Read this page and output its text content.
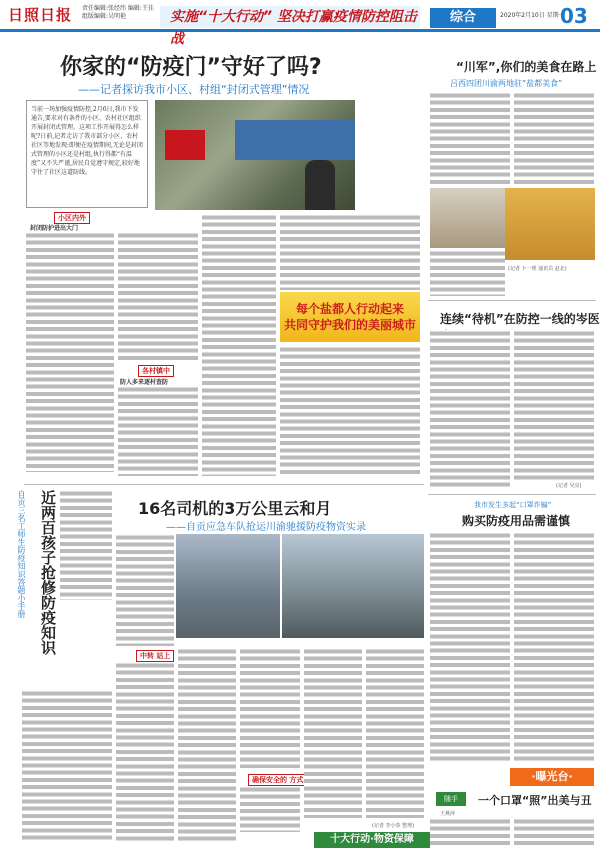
日照日报 责任编辑:张经纬 编辑:王佳
组版编辑:吴明艳	实施“十大行动” 坚决打赢疫情防控阻击战
综合	2020年2月10日 星期一
03
你家的“防疫门”守好了吗?
——记者探访我市小区、村组“封闭式管理”情况
当前一场加强疫情防控,2月6日,我市下发通告,要求对有条件的小区、农村社区组织开展封闭式管理。这项工作开展得怎么样呢?日前,记者走访了我市部分小区、农村社区等地发现:即便在疫情期间,无论是封闭式管理的小区还是村组,执行得都“有温度”又不失严谨,居民自觉遵守规定,较好地守住了社区这道防线。
小区内外
封闭防护进出大门
各村镇中
防人多来逐村查防
每个盐都人行动起来
共同守护我们的美丽城市
“川军”,你们的美食在路上
吕西四团川渝两地驻“盐都美食”
(记者 卜一理 通讯员 赵北)
连续“待机”在防控一线的岑医
(记者 吴亮)
16名司机的3万公里云和月
——自贡应急车队抢运川渝驰援防疫物资实录
中转 站上
确保安全的 方式
(记者 李小春 整理)
近两百孩子抢修防疫知识
自贡三名工师生防疫知识答题小手册	我市发生多起“口罩诈骗”
购买防疫用品需谨慎
·曝光台·
随手	一个口罩“照”出美与丑
王燕萍
十大行动·物资保障
